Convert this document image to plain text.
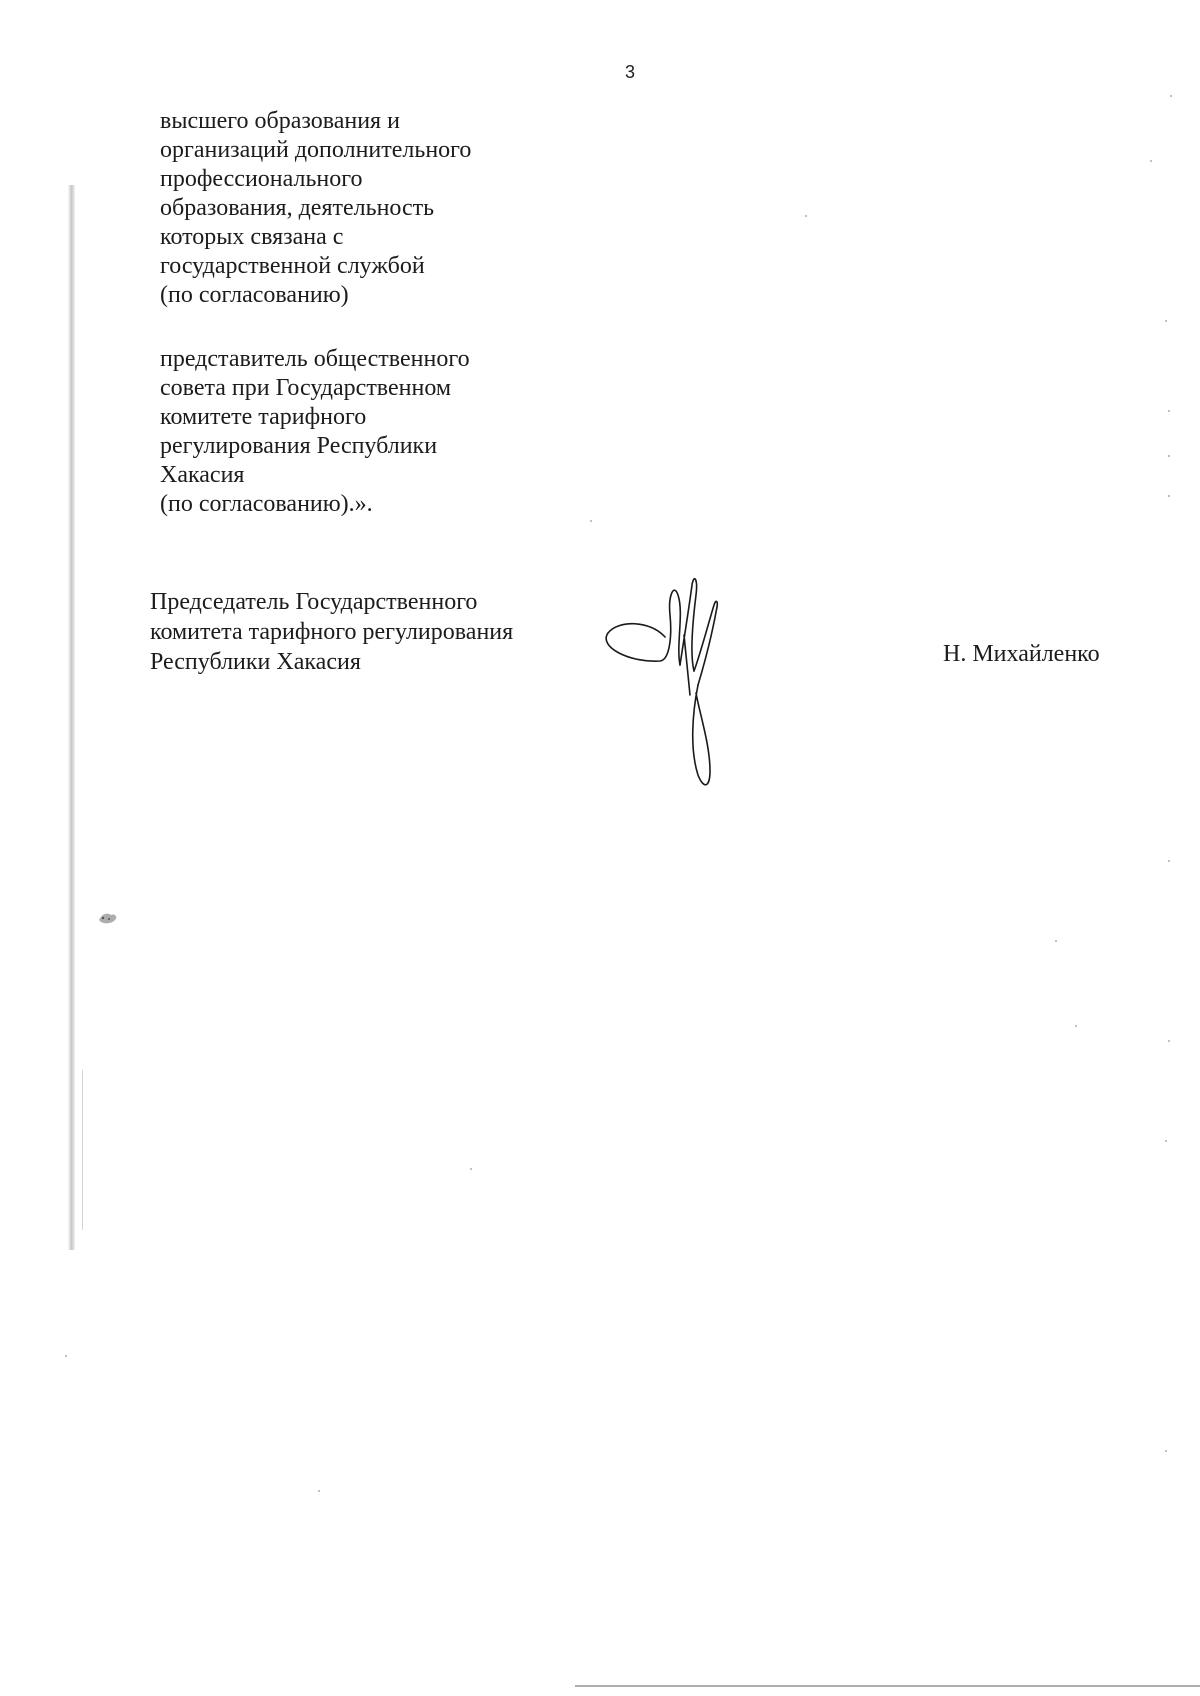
3
высшего образования и
организаций дополнительного
профессионального
образования, деятельность
которых связана с
государственной службой
(по согласованию)
представитель общественного
совета при Государственном
комитете тарифного
регулирования Республики
Хакасия
(по согласованию).».
Председатель Государственного
комитета тарифного регулирования
Республики Хакасия	Н. Михайленко
